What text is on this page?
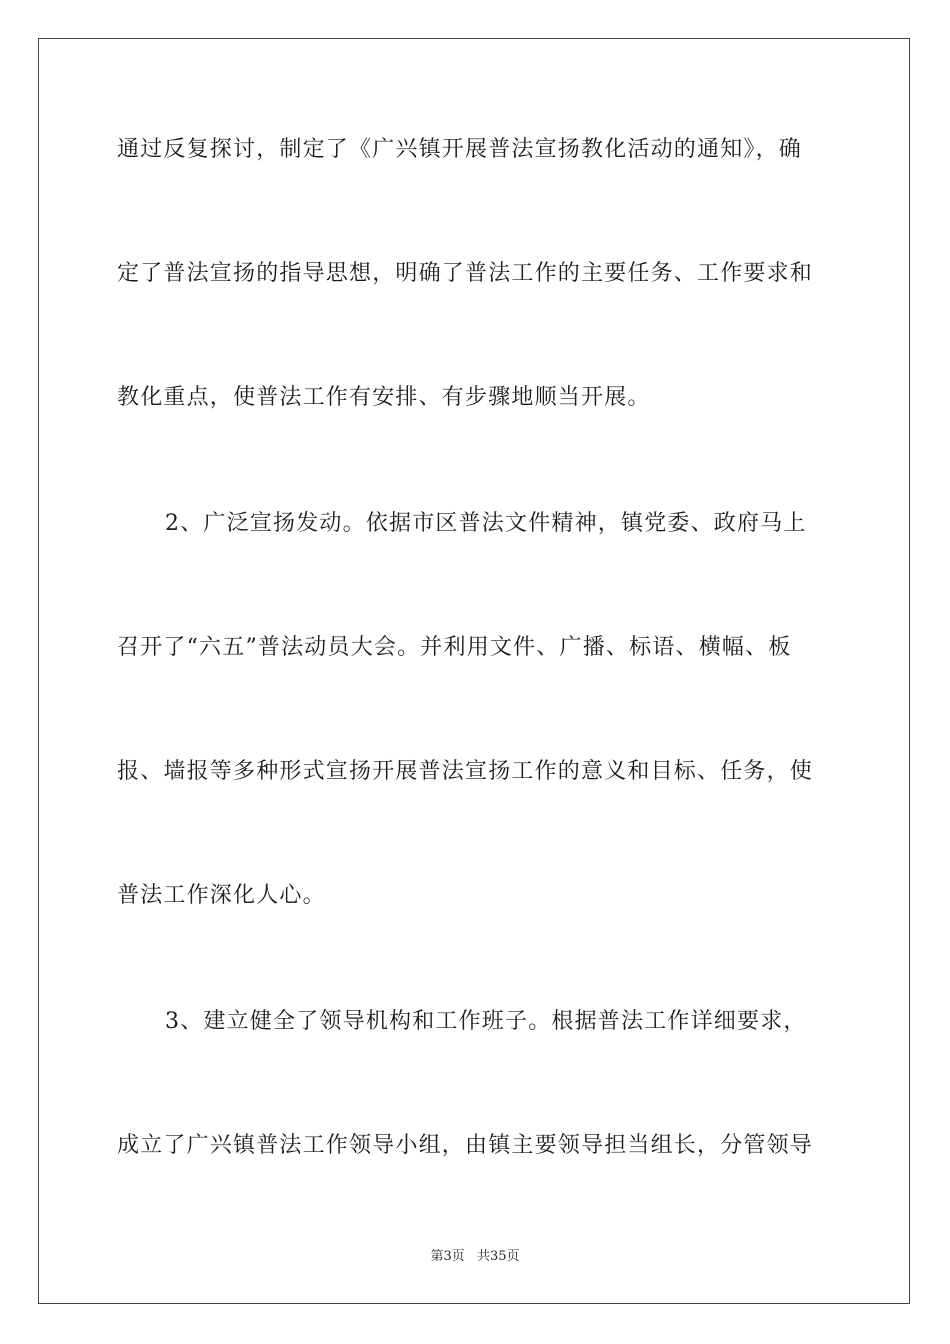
通过反复探讨，制定了《广兴镇开展普法宣扬教化活动的通知》，确
定了普法宣扬的指导思想，明确了普法工作的主要任务、工作要求和
教化重点，使普法工作有安排、有步骤地顺当开展。
2、广泛宣扬发动。依据市区普法文件精神，镇党委、政府马上
召开了“六五”普法动员大会。并利用文件、广播、标语、横幅、板
报、墙报等多种形式宣扬开展普法宣扬工作的意义和目标、任务，使
普法工作深化人心。
3、建立健全了领导机构和工作班子。根据普法工作详细要求，
成立了广兴镇普法工作领导小组，由镇主要领导担当组长，分管领导
第3页 共35页
